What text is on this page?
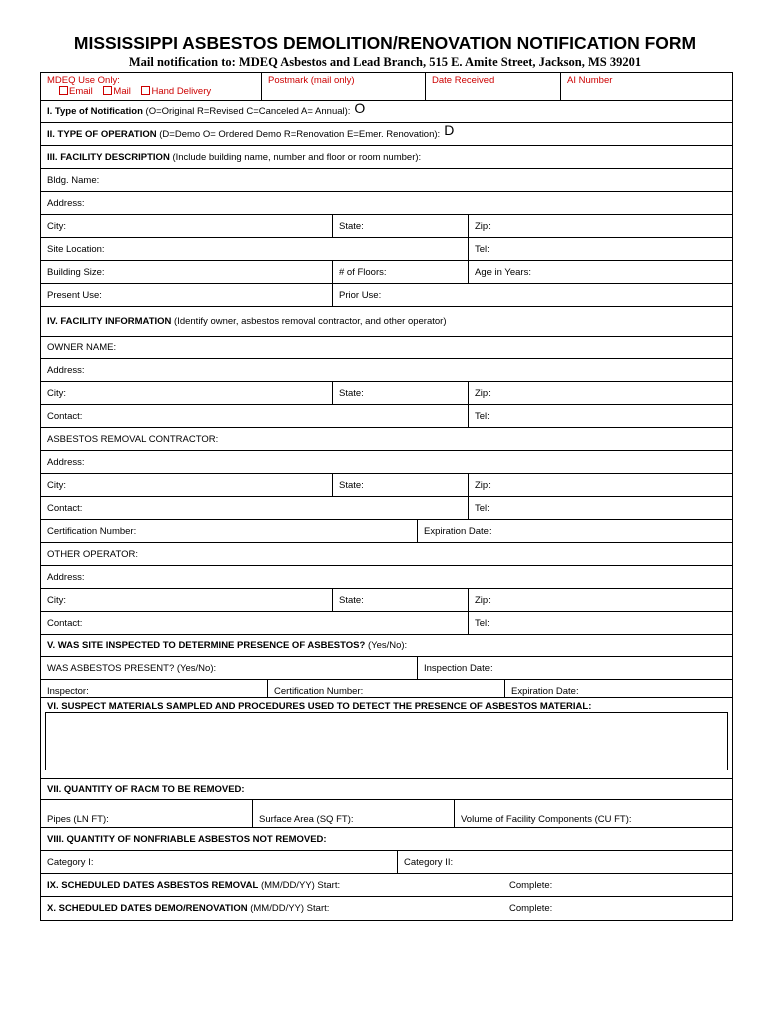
MISSISSIPPI ASBESTOS DEMOLITION/RENOVATION NOTIFICATION FORM
Mail notification to: MDEQ Asbestos and Lead Branch, 515 E. Amite Street, Jackson, MS 39201
MDEQ Use Only:
Email Mail Hand Delivery
Postmark (mail only)	Date Received	AI Number
I. Type of Notification
(O=Original R=Revised C=Canceled A= Annual): O
II. TYPE OF OPERATION
(D=Demo O= Ordered Demo R=Renovation E=Emer. Renovation): D
III. FACILITY DESCRIPTION
(Include building name, number and floor or room number):
Bldg. Name:
Address:
City:	State:	Zip:
Site Location:	Tel:
Building Size:	# of Floors:	Age in Years:
Present Use:	Prior Use:
IV. FACILITY INFORMATION
(Identify owner, asbestos removal contractor, and other operator)
OWNER NAME:
Address:
City:	State:	Zip:
Contact:	Tel:
ASBESTOS REMOVAL CONTRACTOR:
Address:
City:	State:	Zip:
Contact:	Tel:
Certification Number:	Expiration Date:
OTHER OPERATOR:
Address:
City:	State:	Zip:
Contact:	Tel:
V. WAS SITE INSPECTED TO DETERMINE PRESENCE OF ASBESTOS?
(Yes/No):
WAS ASBESTOS PRESENT? (Yes/No):	Inspection Date:
Inspector:	Certification Number:	Expiration Date:
VI. SUSPECT MATERIALS SAMPLED AND PROCEDURES USED TO DETECT THE PRESENCE OF ASBESTOS MATERIAL:
VII. QUANTITY OF RACM TO BE REMOVED:
Pipes (LN FT):	Surface Area (SQ FT):	Volume of Facility Components (CU FT):
VIII. QUANTITY OF NONFRIABLE ASBESTOS NOT REMOVED:
Category I:	Category II:
IX. SCHEDULED DATES ASBESTOS REMOVAL
(MM/DD/YY) Start:	Complete:
X. SCHEDULED DATES DEMO/RENOVATION
(MM/DD/YY) Start:	Complete:
